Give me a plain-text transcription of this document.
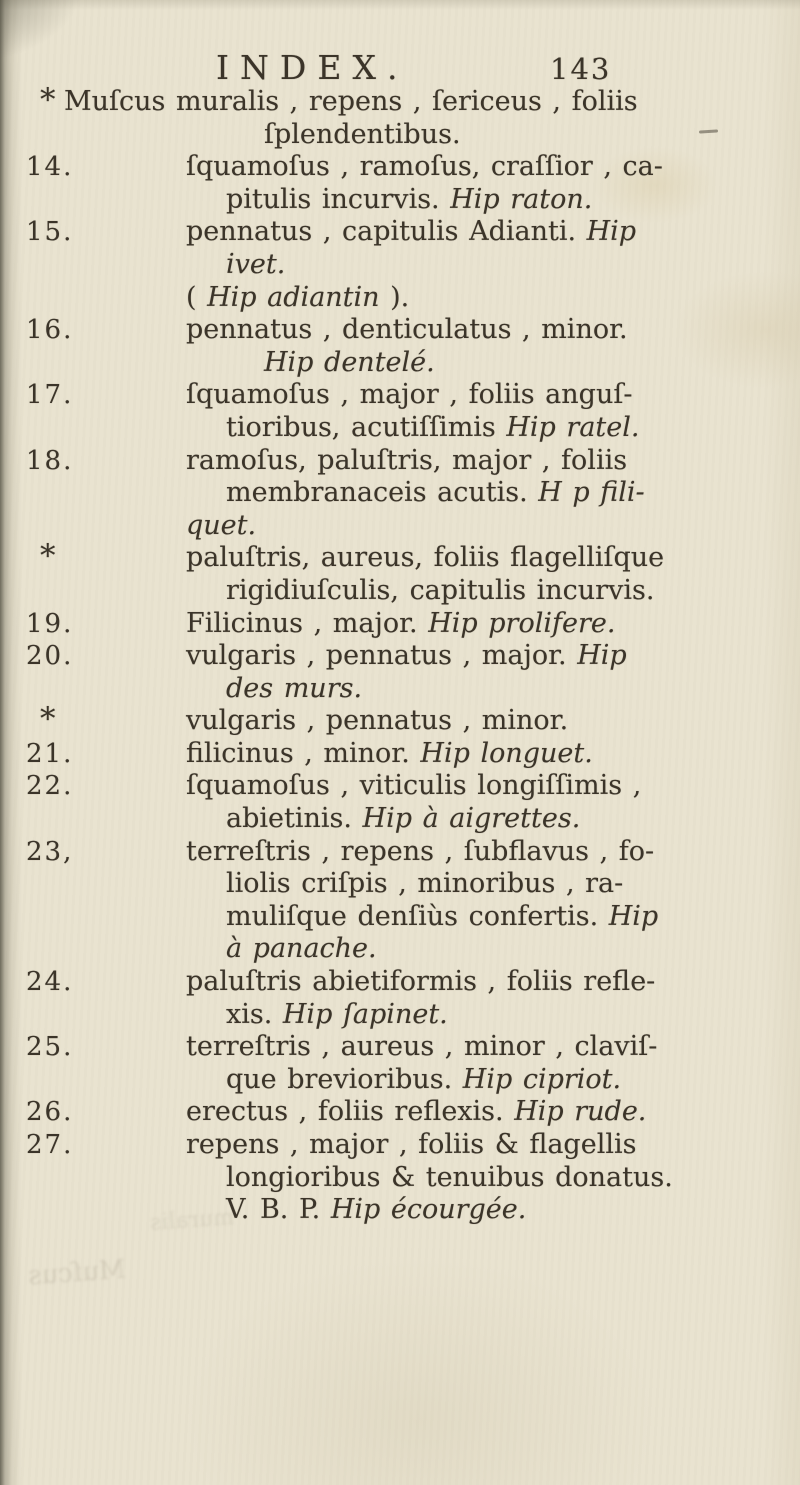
INDEX.	143
* Muſcus muralis , repens , ſericeus , foliis
ſplendentibus.
14.	ſquamoſus , ramoſus, craſſior , ca-
pitulis incurvis. Hip raton.
15.	pennatus , capitulis Adianti. Hip
ivet.
( Hip adiantin ).
16.	pennatus , denticulatus , minor.
Hip dentelé.
17.	ſquamoſus , major , foliis anguſ-
tioribus, acutiſſimis Hip ratel.
18.	ramoſus, paluſtris, major , foliis
membranaceis acutis. H p fili-
quet.
*	paluſtris, aureus, foliis flagelliſque
rigidiuſculis, capitulis incurvis.
19.	Filicinus , major. Hip prolifere.
20.	vulgaris , pennatus , major. Hip
des murs.
*	vulgaris , pennatus , minor.
21.	filicinus , minor. Hip longuet.
22.	ſquamoſus , viticulis longiſſimis ,
abietinis. Hip à aigrettes.
23,	terreſtris , repens , ſubflavus , fo-
liolis criſpis , minoribus , ra-
muliſque denſiùs confertis. Hip
à panache.
24.	paluſtris abietiformis , foliis refle-
xis. Hip ſapinet.
25.	terreſtris , aureus , minor , claviſ-
que brevioribus. Hip cipriot.
26.	erectus , foliis reflexis. Hip rude.
27.	repens , major , foliis & flagellis
longioribus & tenuibus donatus.
V. B. P. Hip écourgée.
Muſcus
muralis
